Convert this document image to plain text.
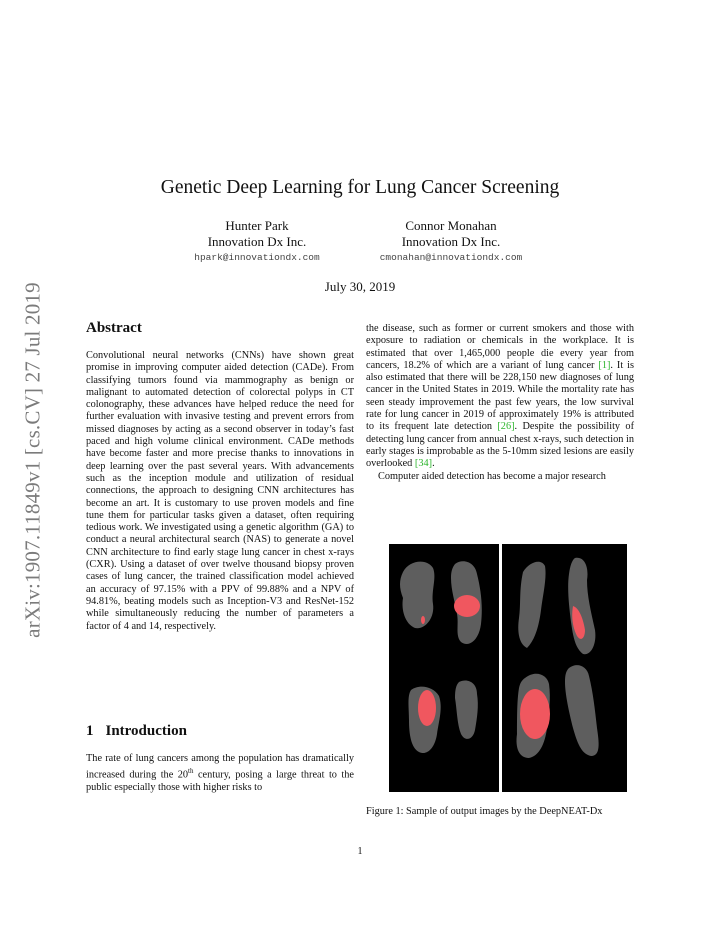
arXiv:1907.11849v1 [cs.CV] 27 Jul 2019
Genetic Deep Learning for Lung Cancer Screening
Hunter Park
Innovation Dx Inc.
hpark@innovationdx.com
Connor Monahan
Innovation Dx Inc.
cmonahan@innovationdx.com
July 30, 2019
Abstract

Convolutional neural networks (CNNs) have shown great promise in improving computer aided detection (CADe). From classifying tumors found via mammography as benign or malignant to automated detection of colorectal polyps in CT colonography, these advances have helped reduce the need for further evaluation with invasive testing and prevent errors from missed diagnoses by acting as a second observer in today’s fast paced and high volume clinical environment. CADe methods have become faster and more precise thanks to innovations in deep learning over the past several years. With advancements such as the inception module and utilization of residual connections, the approach to designing CNN architectures has become an art. It is customary to use proven models and fine tune them for particular tasks given a dataset, often requiring tedious work. We investigated using a genetic algorithm (GA) to conduct a neural architectural search (NAS) to generate a novel CNN architecture to find early stage lung cancer in chest x-rays (CXR). Using a dataset of over twelve thousand biopsy proven cases of lung cancer, the trained classification model achieved an accuracy of 97.15% with a PPV of 99.88% and a NPV of 94.81%, beating models such as Inception-V3 and ResNet-152 while simultaneously reducing the number of parameters a factor of 4 and 14, respectively.

1 Introduction

The rate of lung cancers among the population has dramatically increased during the 20th century, posing a large threat to the public especially those with higher risks to

the disease, such as former or current smokers and those with exposure to radiation or chemicals in the workplace. It is estimated that over 1,465,000 people die every year from cancers, 18.2% of which are a variant of lung cancer [1]. It is also estimated that there will be 228,150 new diagnoses of lung cancer in the United States in 2019. While the mortality rate has seen steady improvement the past few years, the low survival rate for lung cancer in 2019 of approximately 19% is attributed to its frequent late detection [26]. Despite the possibility of detecting lung cancer from annual chest x-rays, such detection in early stages is improbable as the 5-10mm sized lesions are easily overlooked [34].

Computer aided detection has become a major research

Figure 1: Sample of output images by the DeepNEAT-Dx
1
